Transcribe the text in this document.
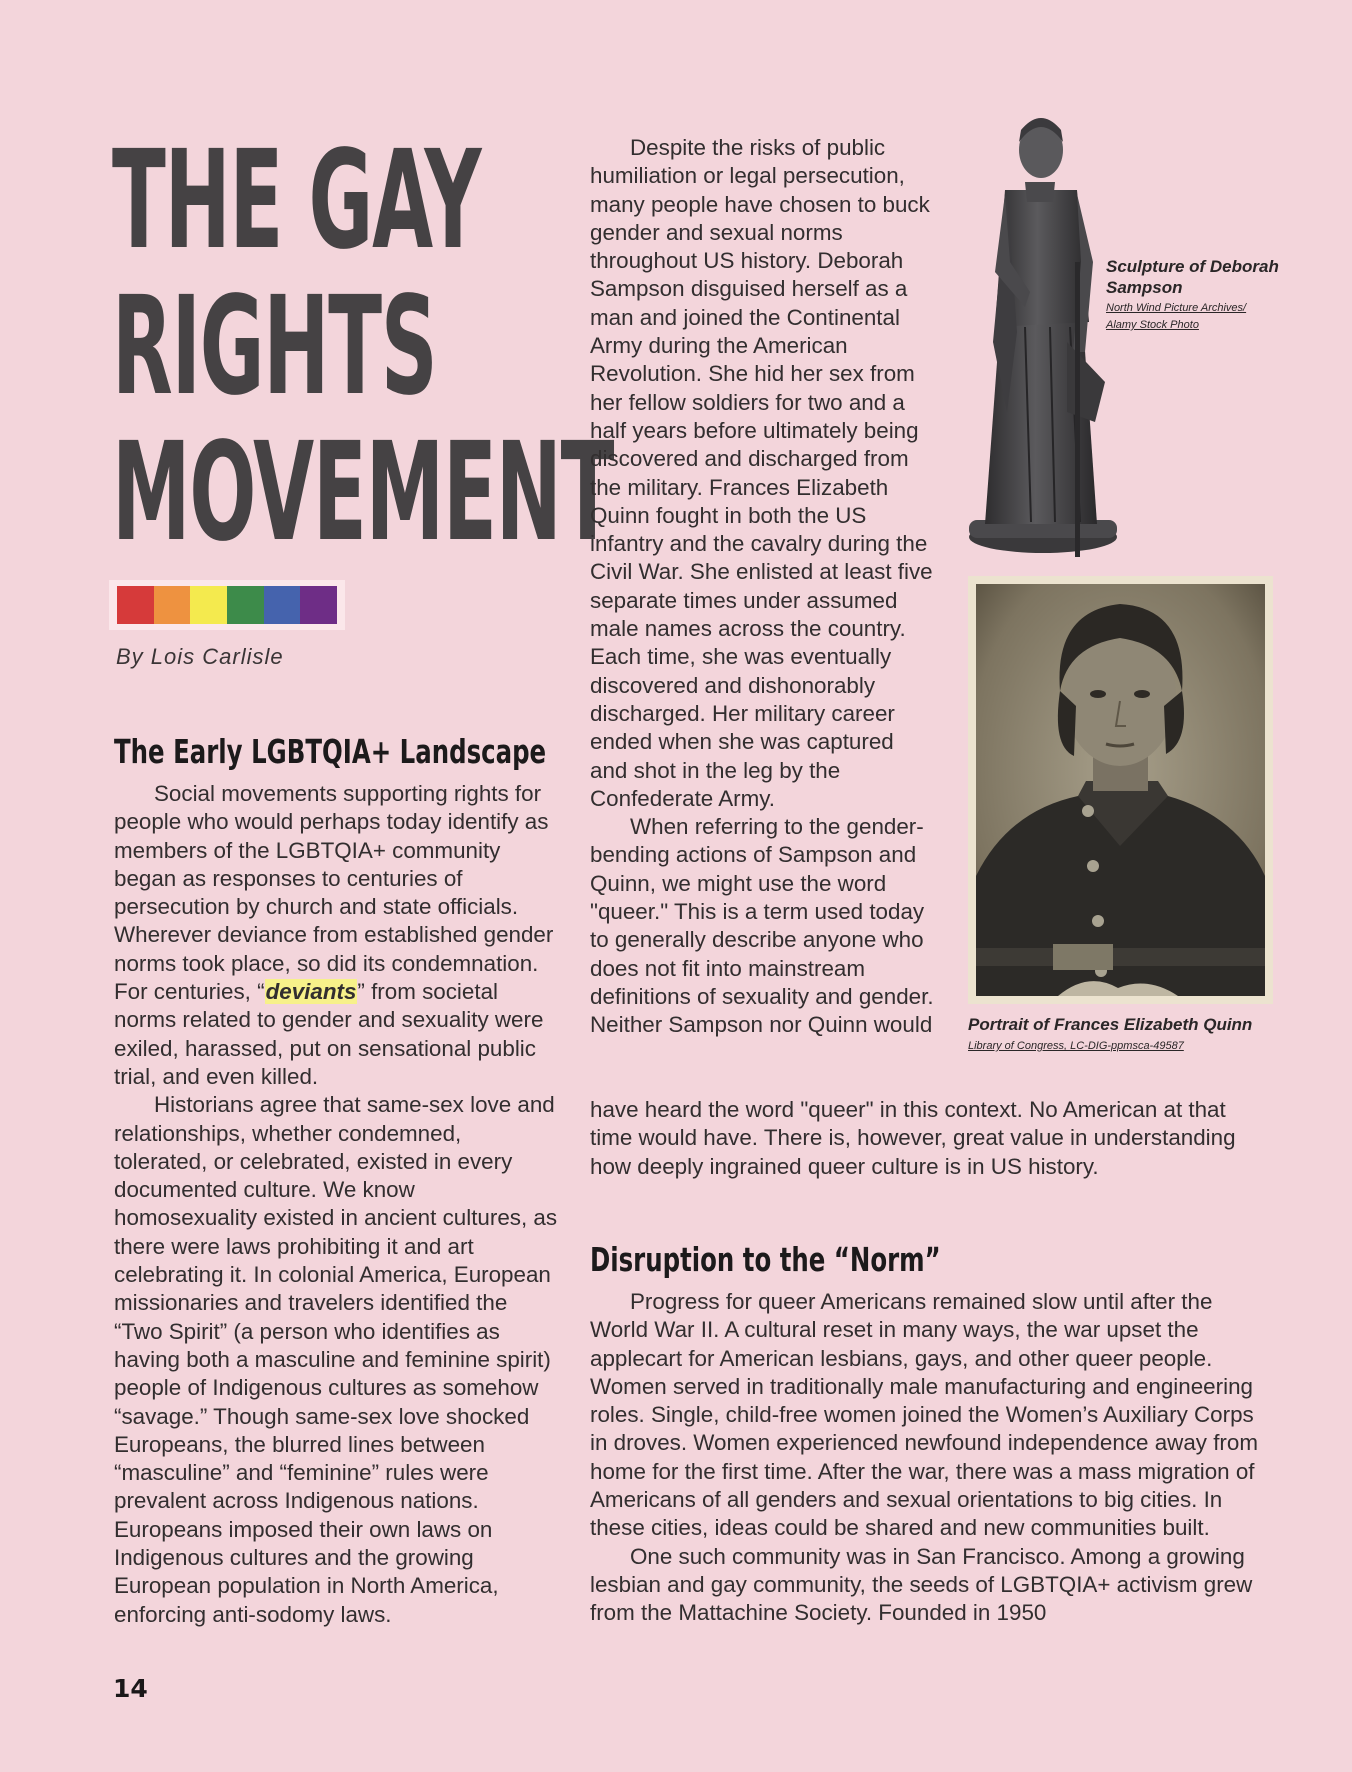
THE GAY
RIGHTS
MOVEMENT
By Lois Carlisle
The Early LGBTQIA+ Landscape

Social movements supporting rights for people who would perhaps today identify as members of the LGBTQIA+ community began as responses to centuries of persecution by church and state officials. Wherever deviance from established gender norms took place, so did its condemnation. For centuries, “deviants” from societal norms related to gender and sexuality were exiled, harassed, put on sensational public trial, and even killed.

Historians agree that same-sex love and relationships, whether condemned, tolerated, or celebrated, existed in every documented culture. We know homosexuality existed in ancient cultures, as there were laws prohibiting it and art celebrating it. In colonial America, European missionaries and travelers identified the “Two Spirit” (a person who identifies as having both a masculine and feminine spirit) people of Indigenous cultures as somehow “savage.” Though same-sex love shocked Europeans, the blurred lines between “masculine” and “feminine” rules were prevalent across Indigenous nations. Europeans imposed their own laws on Indigenous cultures and the growing European population in North America, enforcing anti-sodomy laws.

Despite the risks of public humiliation or legal persecution, many people have chosen to buck gender and sexual norms throughout US history. Deborah Sampson disguised herself as a man and joined the Continental Army during the American Revolution. She hid her sex from her fellow soldiers for two and a half years before ultimately being discovered and discharged from the military. Frances Elizabeth Quinn fought in both the US infantry and the cavalry during the Civil War. She enlisted at least five separate times under assumed male names across the country. Each time, she was eventually discovered and dishonorably discharged. Her military career ended when she was captured and shot in the leg by the Confederate Army.

When referring to the gender-bending actions of Sampson and Quinn, we might use the word "queer." This is a term used today to generally describe anyone who does not fit into mainstream definitions of sexuality and gender. Neither Sampson nor Quinn would

have heard the word "queer" in this context. No American at that time would have. There is, however, great value in understanding how deeply ingrained queer culture is in US history.

Sculpture of Deborah Sampson
North Wind Picture Archives/
Alamy Stock Photo
Portrait of Frances Elizabeth Quinn
Library of Congress, LC-DIG-ppmsca-49587
Disruption to the “Norm”

Progress for queer Americans remained slow until after the World War II. A cultural reset in many ways, the war upset the applecart for American lesbians, gays, and other queer people. Women served in traditionally male manufacturing and engineering roles. Single, child-free women joined the Women’s Auxiliary Corps in droves. Women experienced newfound independence away from home for the first time. After the war, there was a mass migration of Americans of all genders and sexual orientations to big cities. In these cities, ideas could be shared and new communities built.

One such community was in San Francisco. Among a growing lesbian and gay community, the seeds of LGBTQIA+ activism grew from the Mattachine Society. Founded in 1950

14
